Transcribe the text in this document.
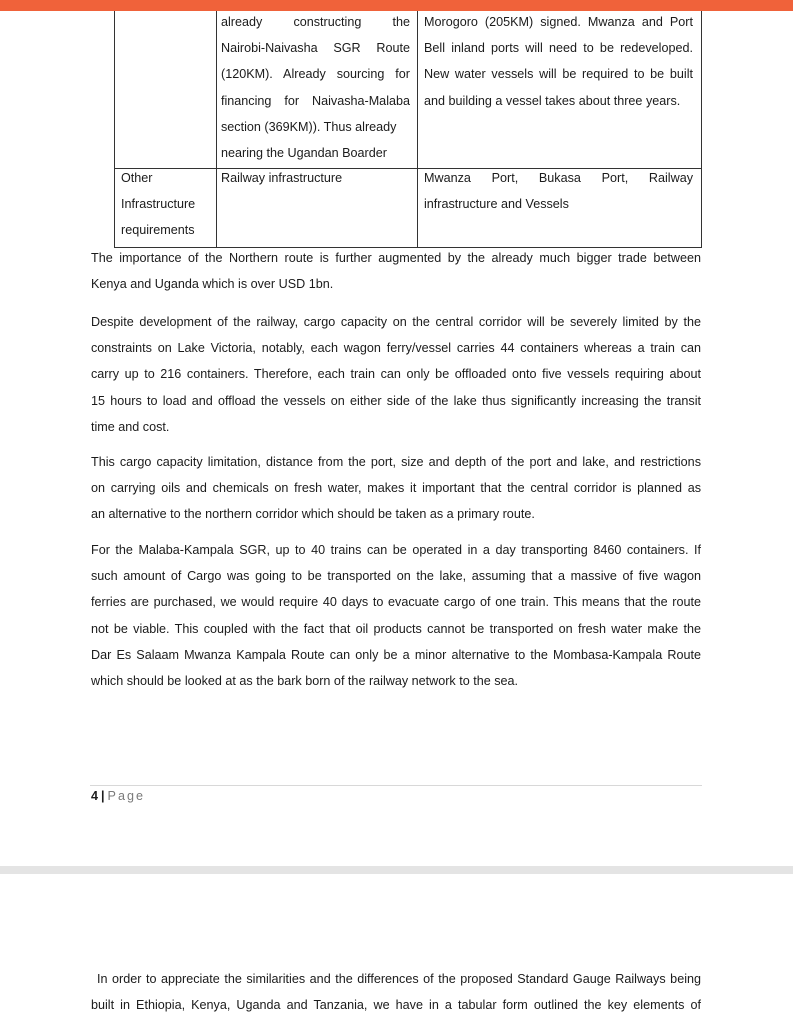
already constructing the
Nairobi-Naivasha SGR Route
(120KM). Already sourcing for
financing for Naivasha-Malaba
section (369KM)). Thus already
nearing the Ugandan Boarder
Morogoro (205KM) signed. Mwanza and Port
Bell inland ports will need to be redeveloped.
New water vessels will be required to be built
and building a vessel takes about three years.
Other
Infrastructure
requirements
Railway infrastructure	Mwanza Port, Bukasa Port, Railway
infrastructure and Vessels
The importance of the Northern route is further augmented by the already much bigger trade between
Kenya and Uganda which is over USD 1bn.
Despite development of the railway, cargo capacity on the central corridor will be severely limited by the
constraints on Lake Victoria, notably, each wagon ferry/vessel carries 44 containers whereas a train can
carry up to 216 containers. Therefore, each train can only be offloaded onto five vessels requiring about
15 hours to load and offload the vessels on either side of the lake thus significantly increasing the transit
time and cost.
This cargo capacity limitation, distance from the port, size and depth of the port and lake, and restrictions
on carrying oils and chemicals on fresh water, makes it important that the central corridor is planned as
an alternative to the northern corridor which should be taken as a primary route.
For the Malaba-Kampala SGR, up to 40 trains can be operated in a day transporting 8460 containers. If
such amount of Cargo was going to be transported on the lake, assuming that a massive of five wagon
ferries are purchased, we would require 40 days to evacuate cargo of one train. This means that the route
not be viable. This coupled with the fact that oil products cannot be transported on fresh water make the
Dar Es Salaam Mwanza Kampala Route can only be a minor alternative to the Mombasa-Kampala Route
which should be looked at as the bark born of the railway network to the sea.
4 | Page
In order to appreciate the similarities and the differences of the proposed Standard Gauge Railways being
built in Ethiopia, Kenya, Uganda and Tanzania, we have in a tabular form outlined the key elements of
